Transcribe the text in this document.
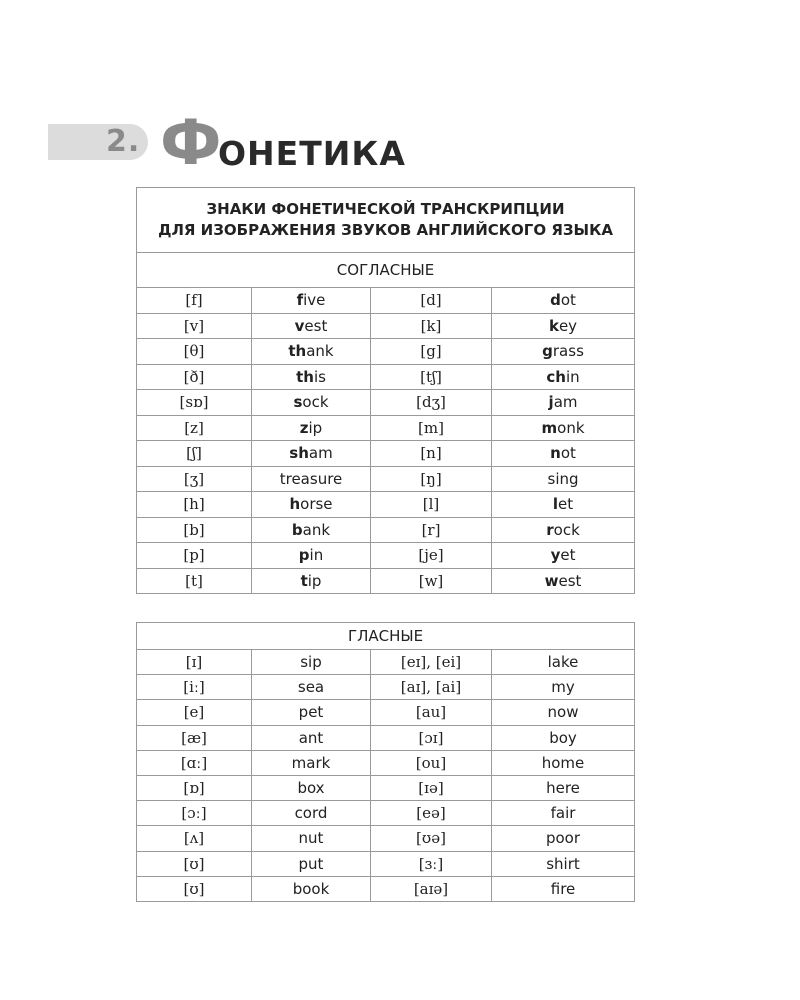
2. Ф
ОНЕТИКА
ЗНАКИ ФОНЕТИЧЕСКОЙ ТРАНСКРИПЦИИ
ДЛЯ ИЗОБРАЖЕНИЯ ЗВУКОВ АНГЛИЙСКОГО ЯЗЫКА			

СОГЛАСНЫЕ			
[f]	five	[d]	dot
[v]	vest	[k]	key
[θ]	thank	[g]	grass
[ð]	this	[tʃ]	chin
[sɒ]	sock	[dʒ]	jam
[z]	zip	[m]	monk
[ʃ]	sham	[n]	not
[ʒ]	treasure	[ŋ]	sing
[h]	horse	[l]	let
[b]	bank	[r]	rock
[p]	pin	[je]	yet
[t]	tip	[w]	west
ГЛАСНЫЕ			
[ɪ]	sip	[eɪ], [ei]	lake
[iː]	sea	[aɪ], [ai]	my
[e]	pet	[au]	now
[æ]	ant	[ɔɪ]	boy
[ɑː]	mark	[ou]	home
[ɒ]	box	[ɪə]	here
[ɔː]	cord	[eə]	fair
[ʌ]	nut	[ʊə]	poor
[ʊ]	put	[ɜː]	shirt
[ʊ]	book	[aɪə]	fire
